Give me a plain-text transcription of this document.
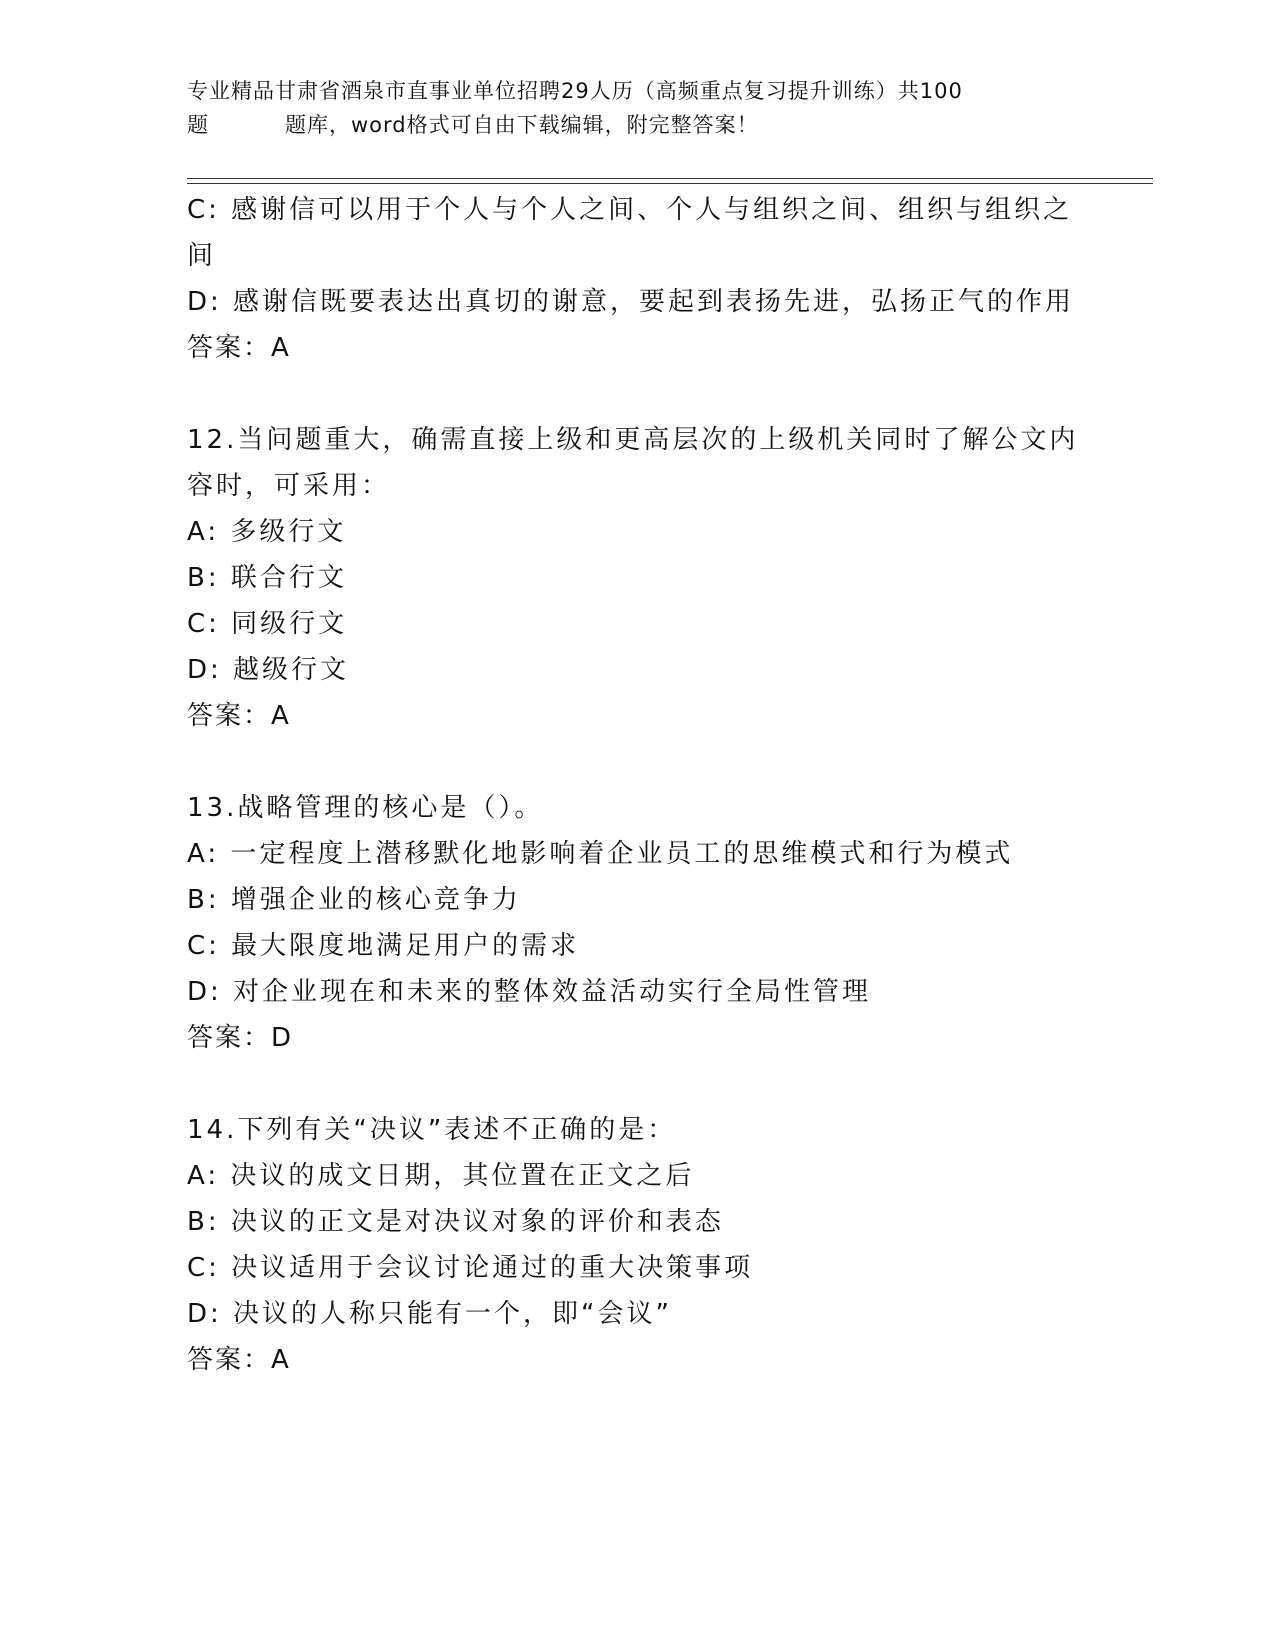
专业精品甘肃省酒泉市直事业单位招聘29人历（高频重点复习提升训练）共100
题	题库，word格式可自由下载编辑，附完整答案！

C: 感谢信可以用于个人与个人之间、个人与组织之间、组织与组织之

间

D: 感谢信既要表达出真切的谢意，要起到表扬先进，弘扬正气的作用

答案：A

12.当问题重大，确需直接上级和更高层次的上级机关同时了解公文内

容时，可采用：

A: 多级行文

B: 联合行文

C: 同级行文

D: 越级行文

答案：A

13.战略管理的核心是（）。

A: 一定程度上潜移默化地影响着企业员工的思维模式和行为模式

B: 增强企业的核心竞争力

C: 最大限度地满足用户的需求

D: 对企业现在和未来的整体效益活动实行全局性管理

答案：D

14.下列有关“决议”表述不正确的是：

A: 决议的成文日期，其位置在正文之后

B: 决议的正文是对决议对象的评价和表态

C: 决议适用于会议讨论通过的重大决策事项

D: 决议的人称只能有一个，即“会议”

答案：A
